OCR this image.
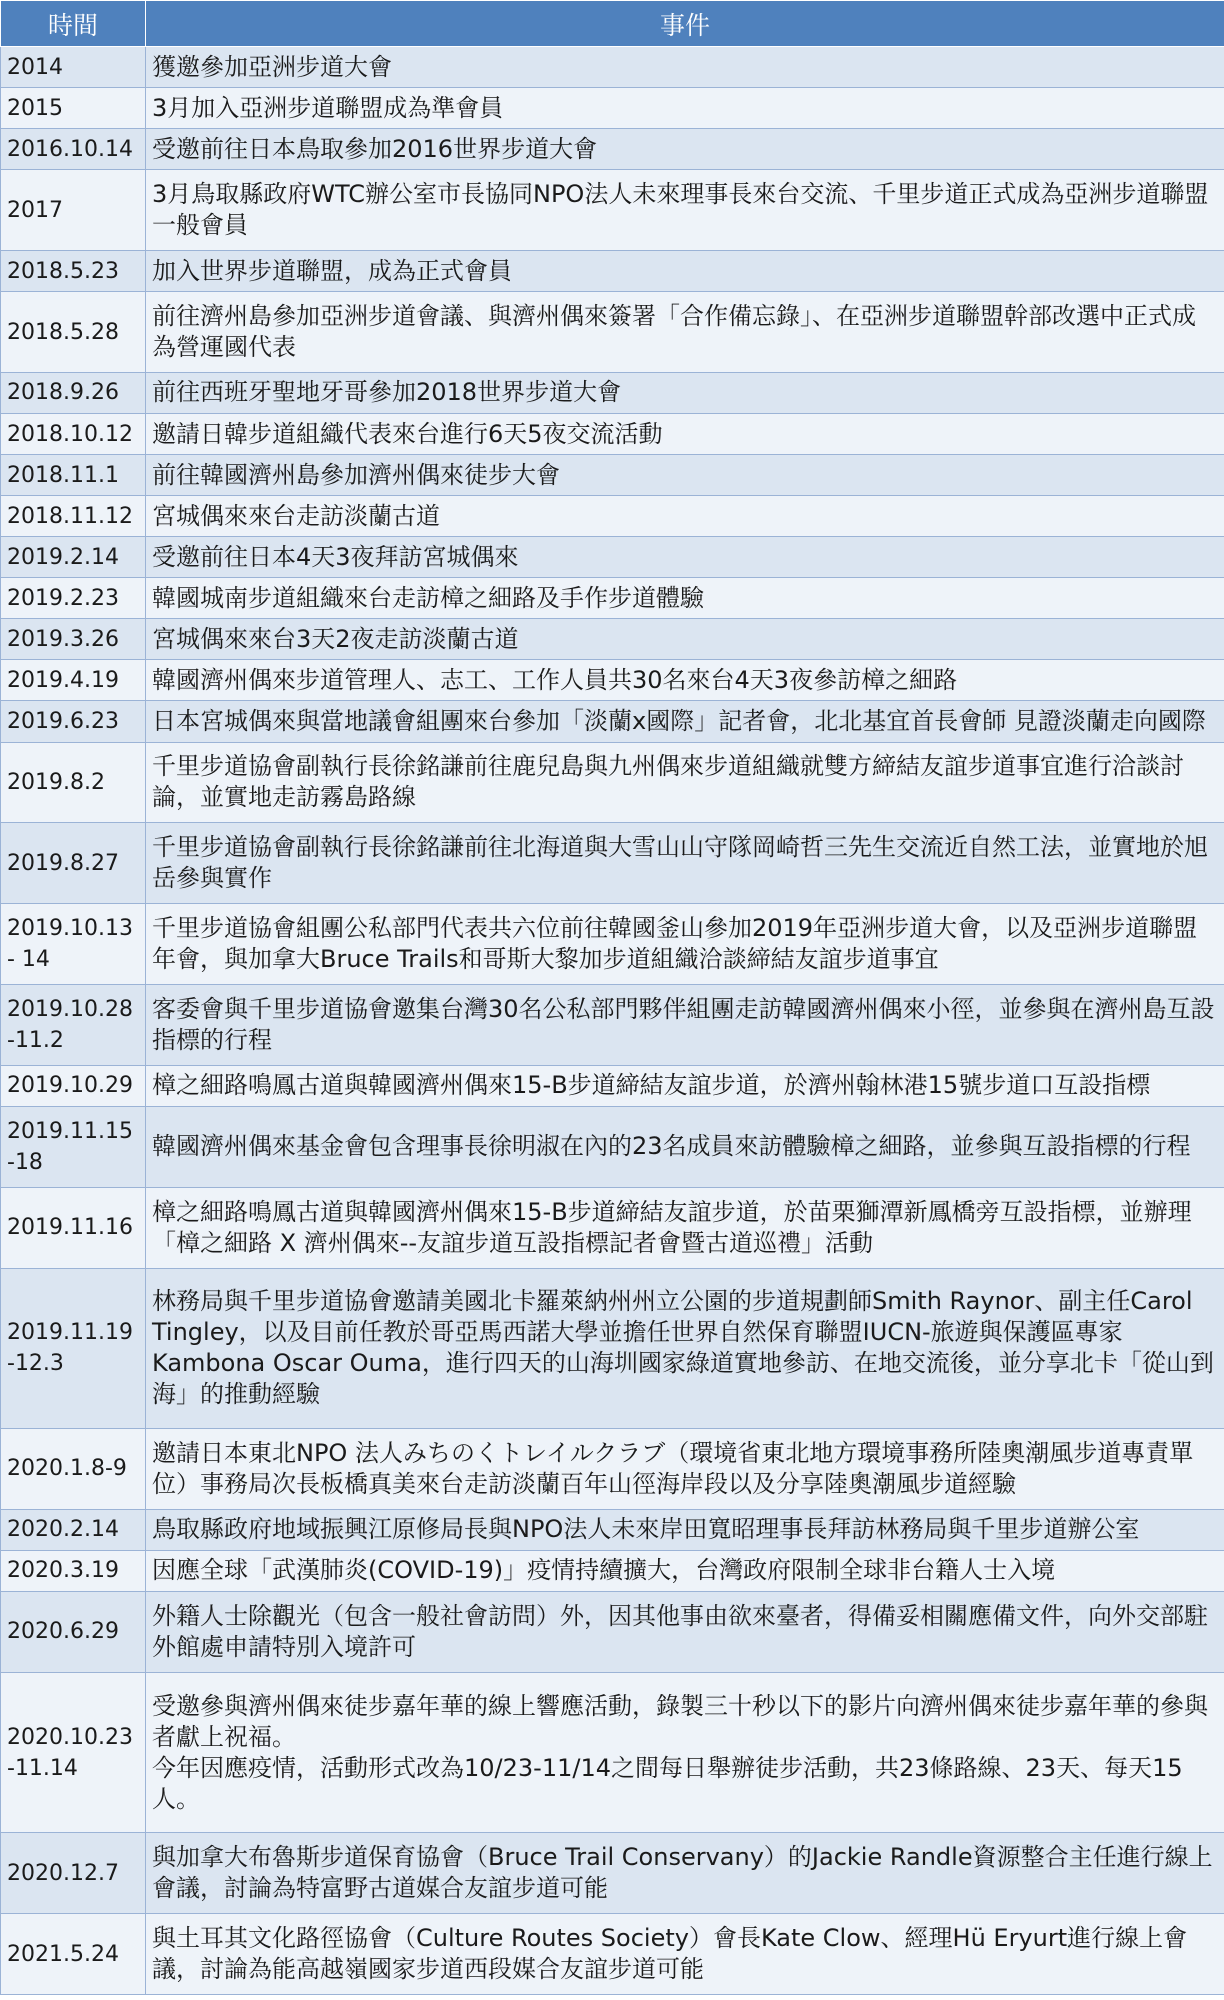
時間	事件
2014	獲邀參加亞洲步道大會

2015	3月加入亞洲步道聯盟成為準會員

2016.10.14	受邀前往日本鳥取參加2016世界步道大會

2017	3月鳥取縣政府WTC辦公室市長協同NPO法人未來理事長來台交流、千里步道正式成為亞洲步道聯盟一般會員

2018.5.23	加入世界步道聯盟，成為正式會員

2018.5.28	前往濟州島參加亞洲步道會議、與濟州偶來簽署「合作備忘錄」、在亞洲步道聯盟幹部改選中正式成為營運國代表

2018.9.26	前往西班牙聖地牙哥參加2018世界步道大會

2018.10.12	邀請日韓步道組織代表來台進行6天5夜交流活動

2018.11.1	前往韓國濟州島參加濟州偶來徒步大會

2018.11.12	宮城偶來來台走訪淡蘭古道

2019.2.14	受邀前往日本4天3夜拜訪宮城偶來

2019.2.23	韓國城南步道組織來台走訪樟之細路及手作步道體驗

2019.3.26	宮城偶來來台3天2夜走訪淡蘭古道

2019.4.19	韓國濟州偶來步道管理人、志工、工作人員共30名來台4天3夜參訪樟之細路

2019.6.23	日本宮城偶來與當地議會組團來台參加「淡蘭x國際」記者會，北北基宜首長會師 見證淡蘭走向國際

2019.8.2	千里步道協會副執行長徐銘謙前往鹿兒島與九州偶來步道組織就雙方締結友誼步道事宜進行洽談討論，並實地走訪霧島路線

2019.8.27	千里步道協會副執行長徐銘謙前往北海道與大雪山山守隊岡崎哲三先生交流近自然工法，並實地於旭岳參與實作

2019.10.13 - 14	千里步道協會組團公私部門代表共六位前往韓國釜山參加2019年亞洲步道大會，以及亞洲步道聯盟年會，與加拿大Bruce Trails和哥斯大黎加步道組織洽談締結友誼步道事宜

2019.10.28 -11.2	客委會與千里步道協會邀集台灣30名公私部門夥伴組團走訪韓國濟州偶來小徑，並參與在濟州島互設指標的行程

2019.10.29	樟之細路鳴鳳古道與韓國濟州偶來15-B步道締結友誼步道，於濟州翰林港15號步道口互設指標

2019.11.15 -18	韓國濟州偶來基金會包含理事長徐明淑在內的23名成員來訪體驗樟之細路，並參與互設指標的行程

2019.11.16	樟之細路鳴鳳古道與韓國濟州偶來15-B步道締結友誼步道，於苗栗獅潭新鳳橋旁互設指標，並辦理「樟之細路 X 濟州偶來--友誼步道互設指標記者會暨古道巡禮」活動

2019.11.19 -12.3	林務局與千里步道協會邀請美國北卡羅萊納州州立公園的步道規劃師Smith Raynor、副主任Carol Tingley，以及目前任教於哥亞馬西諾大學並擔任世界自然保育聯盟IUCN-旅遊與保護區專家Kambona Oscar Ouma，進行四天的山海圳國家綠道實地參訪、在地交流後，並分享北卡「從山到海」的推動經驗

2020.1.8-9	邀請日本東北NPO 法人みちのくトレイルクラブ（環境省東北地方環境事務所陸奧潮風步道專責單位）事務局次長板橋真美來台走訪淡蘭百年山徑海岸段以及分享陸奧潮風步道經驗

2020.2.14	鳥取縣政府地域振興江原修局長與NPO法人未來岸田寬昭理事長拜訪林務局與千里步道辦公室

2020.3.19	因應全球「武漢肺炎(COVID-19)」疫情持續擴大，台灣政府限制全球非台籍人士入境

2020.6.29	外籍人士除觀光（包含一般社會訪問）外，因其他事由欲來臺者，得備妥相關應備文件，向外交部駐外館處申請特別入境許可

2020.10.23 -11.14	受邀參與濟州偶來徒步嘉年華的線上響應活動，錄製三十秒以下的影片向濟州偶來徒步嘉年華的參與者獻上祝福。
今年因應疫情，活動形式改為10/23-11/14之間每日舉辦徒步活動，共23條路線、23天、每天15人。

2020.12.7	與加拿大布魯斯步道保育協會（Bruce Trail Conservany）的Jackie Randle資源整合主任進行線上會議，討論為特富野古道媒合友誼步道可能

2021.5.24	與土耳其文化路徑協會（Culture Routes Society）會長Kate Clow、經理Hü Eryurt進行線上會議，討論為能高越嶺國家步道西段媒合友誼步道可能
